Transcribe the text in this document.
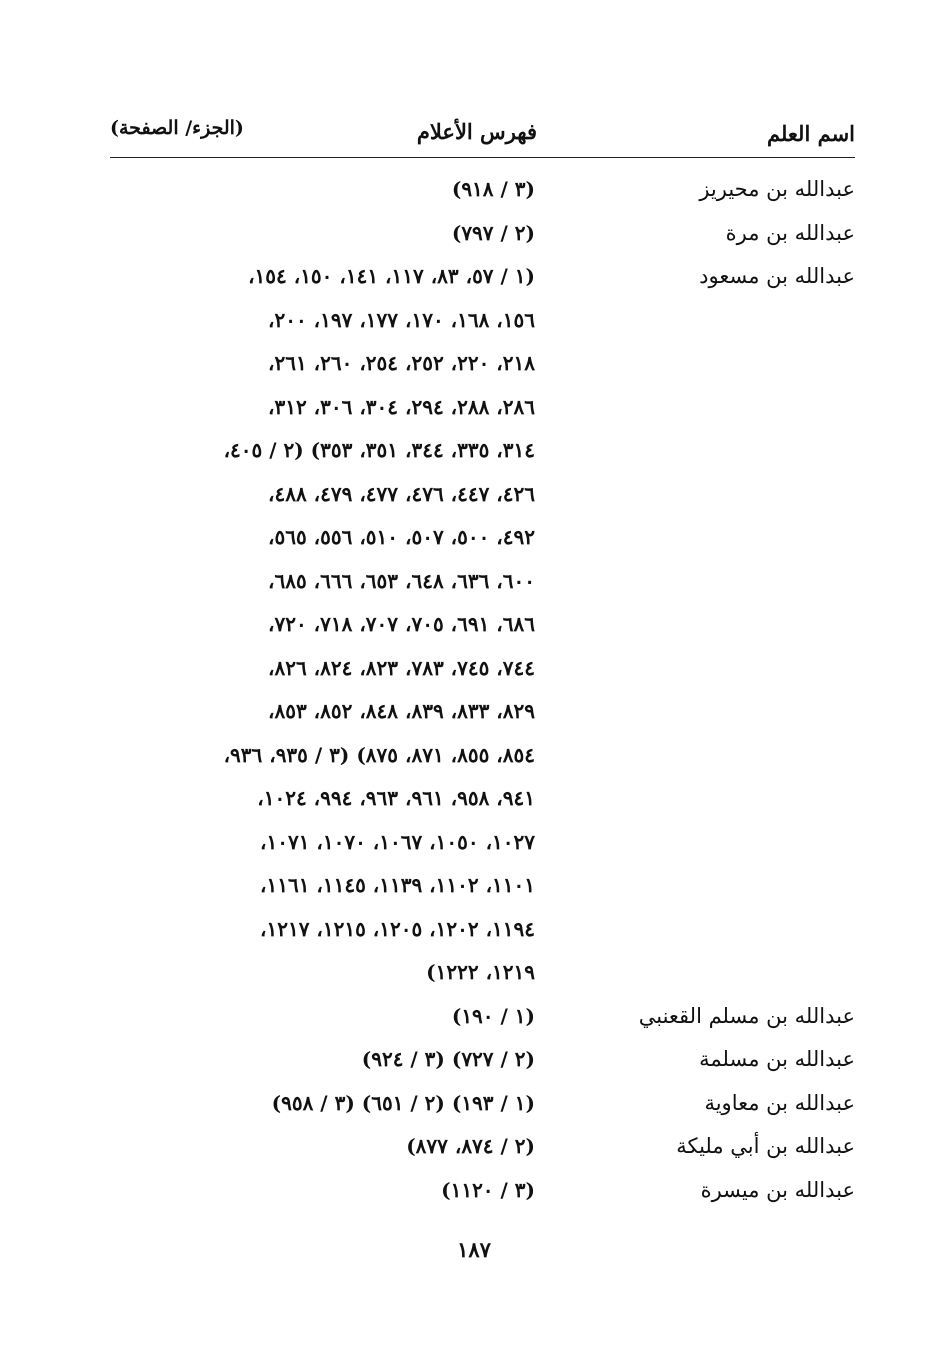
اسم العلم
فهرس الأعلام
(الجزء/ الصفحة)
عبدالله بن محيريز
(٣ / ٩١٨)
عبدالله بن مرة
(٢ / ٧٩٧)
عبدالله بن مسعود
(١ / ٥٧، ٨٣، ١١٧، ١٤١، ١٥٠، ١٥٤،
١٥٦، ١٦٨، ١٧٠، ١٧٧، ١٩٧، ٢٠٠،
٢١٨، ٢٢٠، ٢٥٢، ٢٥٤، ٢٦٠، ٢٦١،
٢٨٦، ٢٨٨، ٢٩٤، ٣٠٤، ٣٠٦، ٣١٢،
٣١٤، ٣٣٥، ٣٤٤، ٣٥١، ٣٥٣) (٢ / ٤٠٥،
٤٢٦، ٤٤٧، ٤٧٦، ٤٧٧، ٤٧٩، ٤٨٨،
٤٩٢، ٥٠٠، ٥٠٧، ٥١٠، ٥٥٦، ٥٦٥،
٦٠٠، ٦٣٦، ٦٤٨، ٦٥٣، ٦٦٦، ٦٨٥،
٦٨٦، ٦٩١، ٧٠٥، ٧٠٧، ٧١٨، ٧٢٠،
٧٤٤، ٧٤٥، ٧٨٣، ٨٢٣، ٨٢٤، ٨٢٦،
٨٢٩، ٨٣٣، ٨٣٩، ٨٤٨، ٨٥٢، ٨٥٣،
٨٥٤، ٨٥٥، ٨٧١، ٨٧٥) (٣ / ٩٣٥، ٩٣٦،
٩٤١، ٩٥٨، ٩٦١، ٩٦٣، ٩٩٤، ١٠٢٤،
١٠٢٧، ١٠٥٠، ١٠٦٧، ١٠٧٠، ١٠٧١،
١١٠١، ١١٠٢، ١١٣٩، ١١٤٥، ١١٦١،
١١٩٤، ١٢٠٢، ١٢٠٥، ١٢١٥، ١٢١٧،
١٢١٩، ١٢٢٢)
عبدالله بن مسلم القعنبي
(١ / ١٩٠)
عبدالله بن مسلمة
(٢ / ٧٢٧) (٣ / ٩٢٤)
عبدالله بن معاوية
(١ / ١٩٣) (٢ / ٦٥١) (٣ / ٩٥٨)
عبدالله بن أبي مليكة
(٢ / ٨٧٤، ٨٧٧)
عبدالله بن ميسرة
(٣ / ١١٢٠)
١٨٧
